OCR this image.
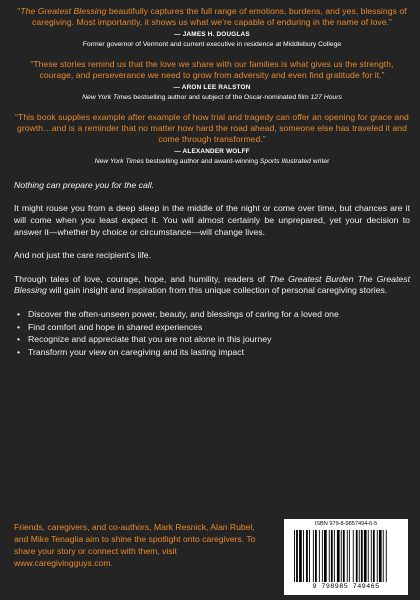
“The Greatest Blessing beautifully captures the full range of emotions, burdens, and yes, blessings of caregiving. Most importantly, it shows us what we’re capable of enduring in the name of love.”

— JAMES H. DOUGLAS
Former governor of Vermont and current executive in residence at Middlebury College

“These stories remind us that the love we share with our families is what gives us the strength, courage, and perseverance we need to grow from adversity and even find gratitude for it.”

— ARON LEE RALSTON
New York Times bestselling author and subject of the Oscar-nominated film 127 Hours

“This book supplies example after example of how trial and tragedy can offer an opening for grace and growth…and is a reminder that no matter how hard the road ahead, someone else has traveled it and come through transformed.”

— ALEXANDER WOLFF
New York Times bestselling author and award-winning Sports Illustrated writer

Nothing can prepare you for the call.

It might rouse you from a deep sleep in the middle of the night or come over time, but chances are it will come when you least expect it. You will almost certainly be unprepared, yet your decision to answer it—whether by choice or circumstance—will change lives.

And not just the care recipient’s life.

Through tales of love, courage, hope, and humility, readers of The Greatest Burden The Greatest Blessing will gain insight and inspiration from this unique collection of personal caregiving stories.

• Discover the often-unseen power, beauty, and blessings of caring for a loved one
• Find comfort and hope in shared experiences
• Recognize and appreciate that you are not alone in this journey
• Transform your view on caregiving and its lasting impact
Friends, caregivers, and co-authors, Mark Resnick, Alan Rubel, and Mike Tenaglia aim to shine the spotlight onto caregivers. To share your story or connect with them, visit www.caregivingguys.com.
ISBN 979-8-9857494-6-5
9 798985 749465
